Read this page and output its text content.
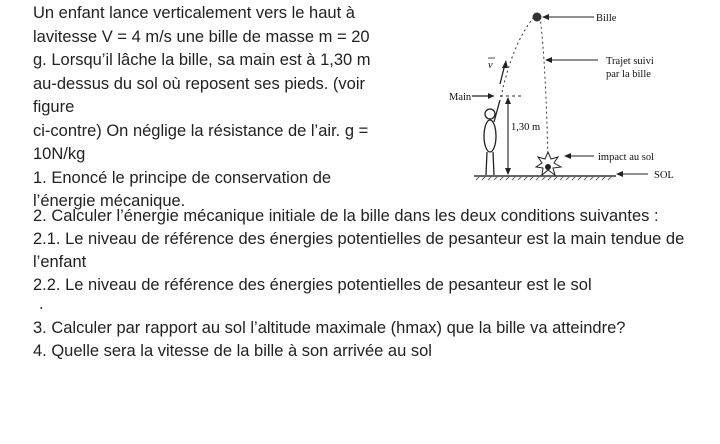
Un enfant lance verticalement vers le haut à
lavitesse V = 4 m/s une bille de masse m = 20
g. Lorsqu’il lâche la bille, sa main est à 1,30 m
au-dessus du sol où reposent ses pieds. (voir
figure
ci-contre) On néglige la résistance de l’air. g =
10N/kg
1. Enoncé le principe de conservation de
l’énergie mécanique.
Main
1,30 m
v
Bille
Trajet suivi
par la bille
impact au sol
SOL

2. Calculer l’énergie mécanique initiale de la bille dans les deux conditions suivantes :

2.1. Le niveau de référence des énergies potentielles de pesanteur est la main tendue de l’enfant

2.2. Le niveau de référence des énergies potentielles de pesanteur est le sol

.

3. Calculer par rapport au sol l’altitude maximale (hmax) que la bille va atteindre?

4. Quelle sera la vitesse de la bille à son arrivée au sol
